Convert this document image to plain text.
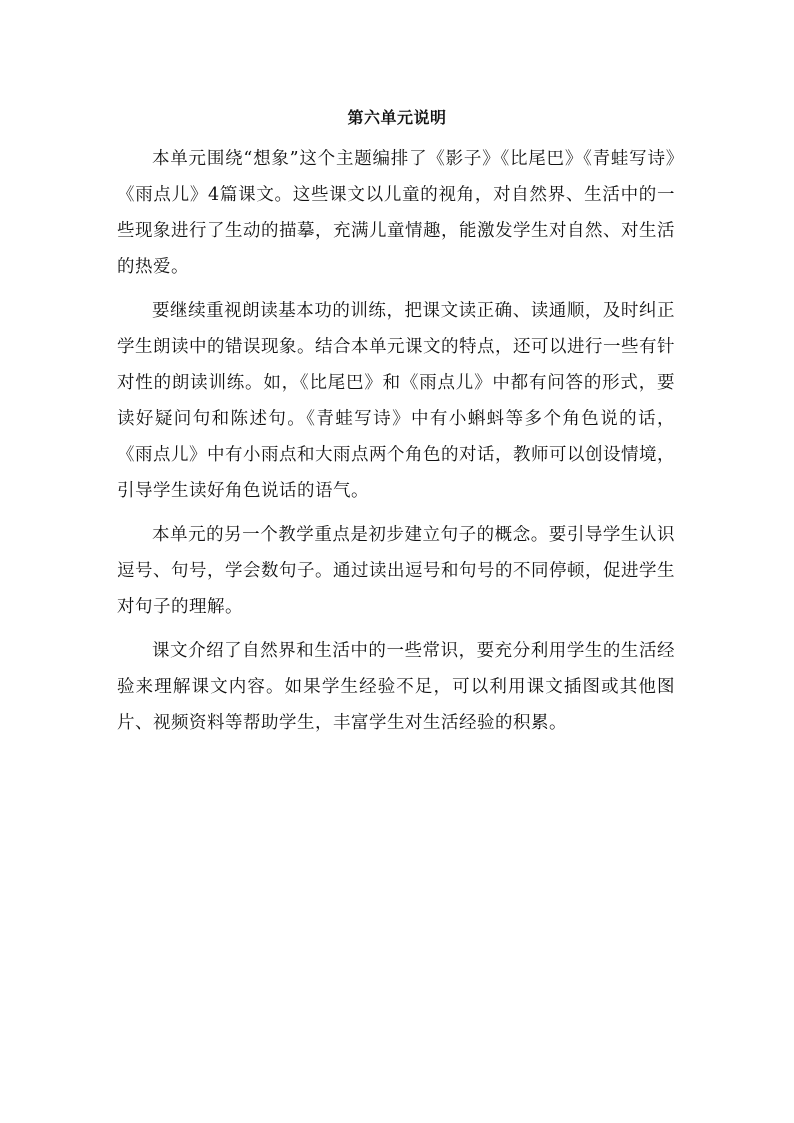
第六单元说明

本单元围绕“想象”这个主题编排了《影子》《比尾巴》《青蛙写诗》《雨点儿》4篇课文。这些课文以儿童的视角，对自然界、生活中的一些现象进行了生动的描摹，充满儿童情趣，能激发学生对自然、对生活的热爱。

要继续重视朗读基本功的训练，把课文读正确、读通顺，及时纠正学生朗读中的错误现象。结合本单元课文的特点，还可以进行一些有针对性的朗读训练。如，《比尾巴》和《雨点儿》中都有问答的形式，要读好疑问句和陈述句。《青蛙写诗》中有小蝌蚪等多个角色说的话，《雨点儿》中有小雨点和大雨点两个角色的对话，教师可以创设情境，引导学生读好角色说话的语气。

本单元的另一个教学重点是初步建立句子的概念。要引导学生认识逗号、句号，学会数句子。通过读出逗号和句号的不同停顿，促进学生对句子的理解。

课文介绍了自然界和生活中的一些常识，要充分利用学生的生活经验来理解课文内容。如果学生经验不足，可以利用课文插图或其他图片、视频资料等帮助学生，丰富学生对生活经验的积累。
